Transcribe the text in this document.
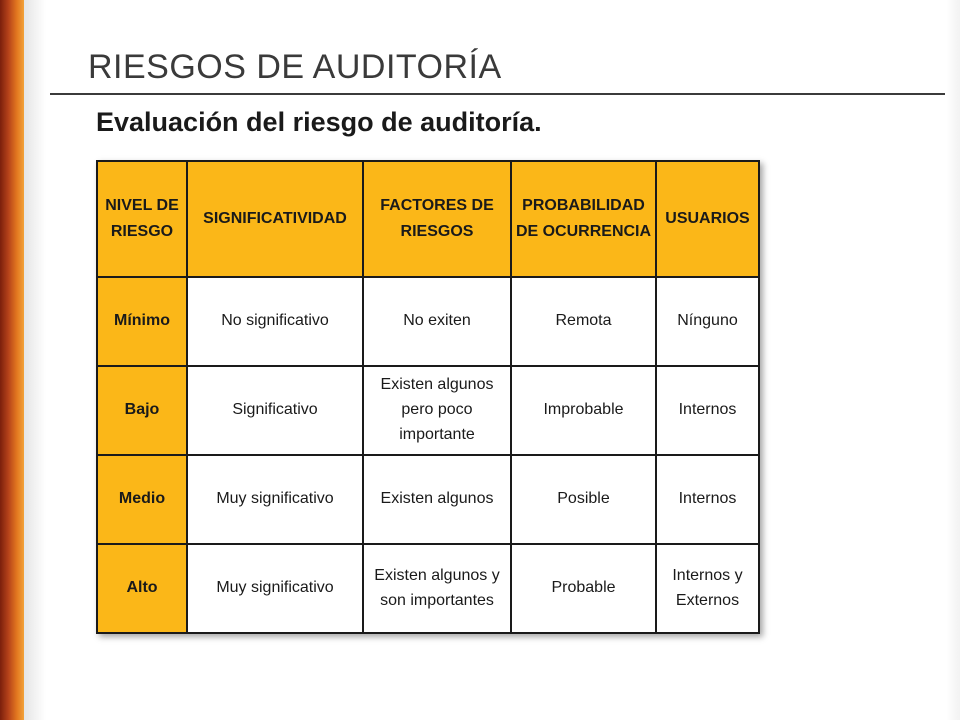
RIESGOS DE AUDITORÍA
Evaluación del riesgo de auditoría.
NIVEL DE RIESGO	SIGNIFICATIVIDAD	FACTORES DE RIESGOS	PROBABILIDAD DE OCURRENCIA	USUARIOS
Mínimo	No significativo	No exiten	Remota	Nínguno
Bajo	Significativo	Existen algunos pero poco importante	Improbable	Internos
Medio	Muy significativo	Existen algunos	Posible	Internos
Alto	Muy significativo	Existen algunos y son importantes	Probable	Internos y Externos
